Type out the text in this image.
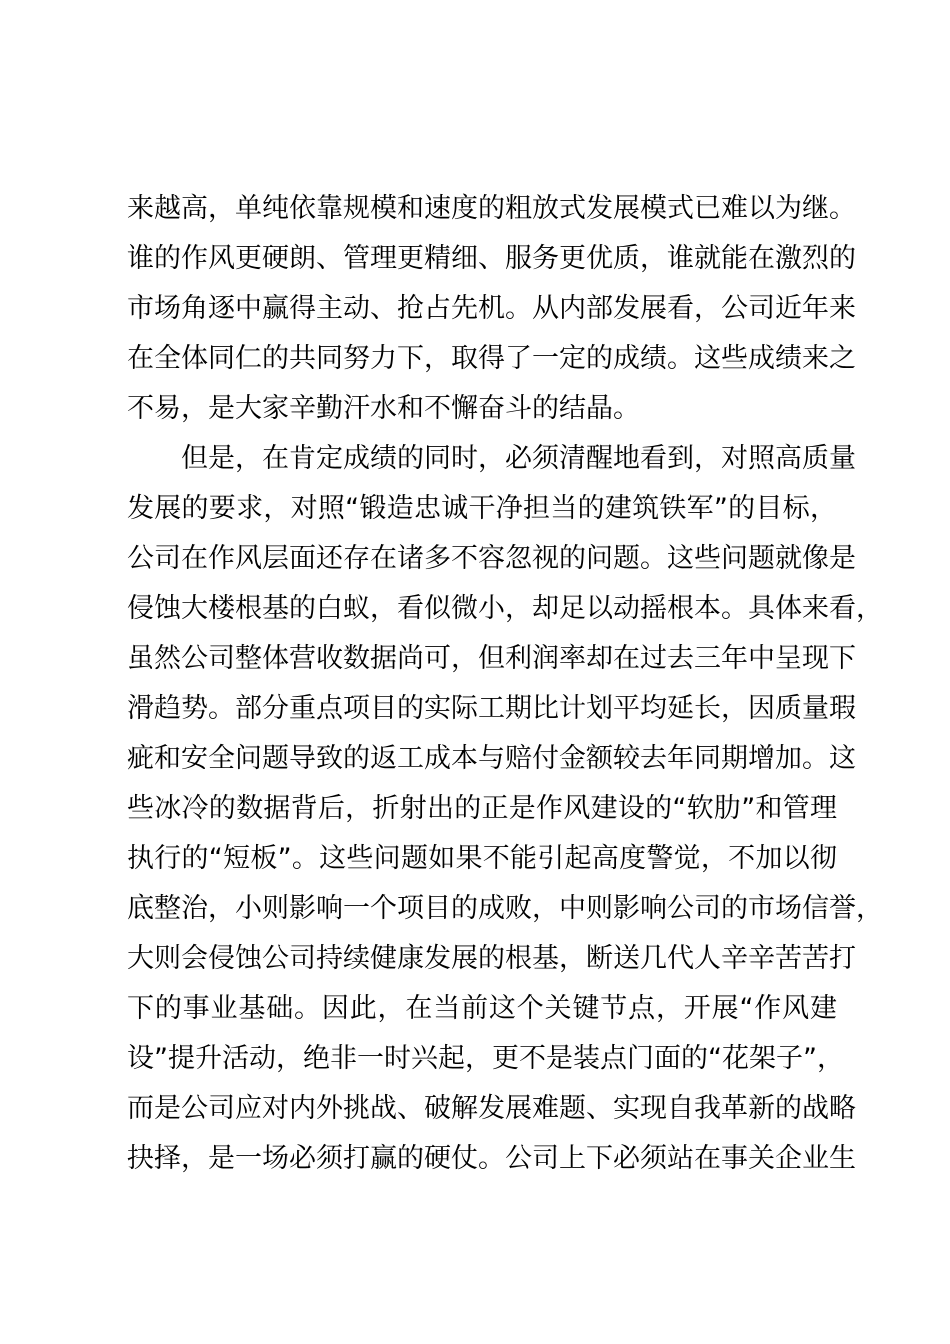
来越高，单纯依靠规模和速度的粗放式发展模式已难以为继。
谁的作风更硬朗、管理更精细、服务更优质，谁就能在激烈的
市场角逐中赢得主动、抢占先机。从内部发展看，公司近年来
在全体同仁的共同努力下，取得了一定的成绩。这些成绩来之
不易，是大家辛勤汗水和不懈奋斗的结晶。
但是，在肯定成绩的同时，必须清醒地看到，对照高质量
发展的要求，对照“锻造忠诚干净担当的建筑铁军”的目标，
公司在作风层面还存在诸多不容忽视的问题。这些问题就像是
侵蚀大楼根基的白蚁，看似微小，却足以动摇根本。具体来看，
虽然公司整体营收数据尚可，但利润率却在过去三年中呈现下
滑趋势。部分重点项目的实际工期比计划平均延长，因质量瑕
疵和安全问题导致的返工成本与赔付金额较去年同期增加。这
些冰冷的数据背后，折射出的正是作风建设的“软肋”和管理
执行的“短板”。这些问题如果不能引起高度警觉，不加以彻
底整治，小则影响一个项目的成败，中则影响公司的市场信誉，
大则会侵蚀公司持续健康发展的根基，断送几代人辛辛苦苦打
下的事业基础。因此，在当前这个关键节点，开展“作风建
设”提升活动，绝非一时兴起，更不是装点门面的“花架子”，
而是公司应对内外挑战、破解发展难题、实现自我革新的战略
抉择，是一场必须打赢的硬仗。公司上下必须站在事关企业生
